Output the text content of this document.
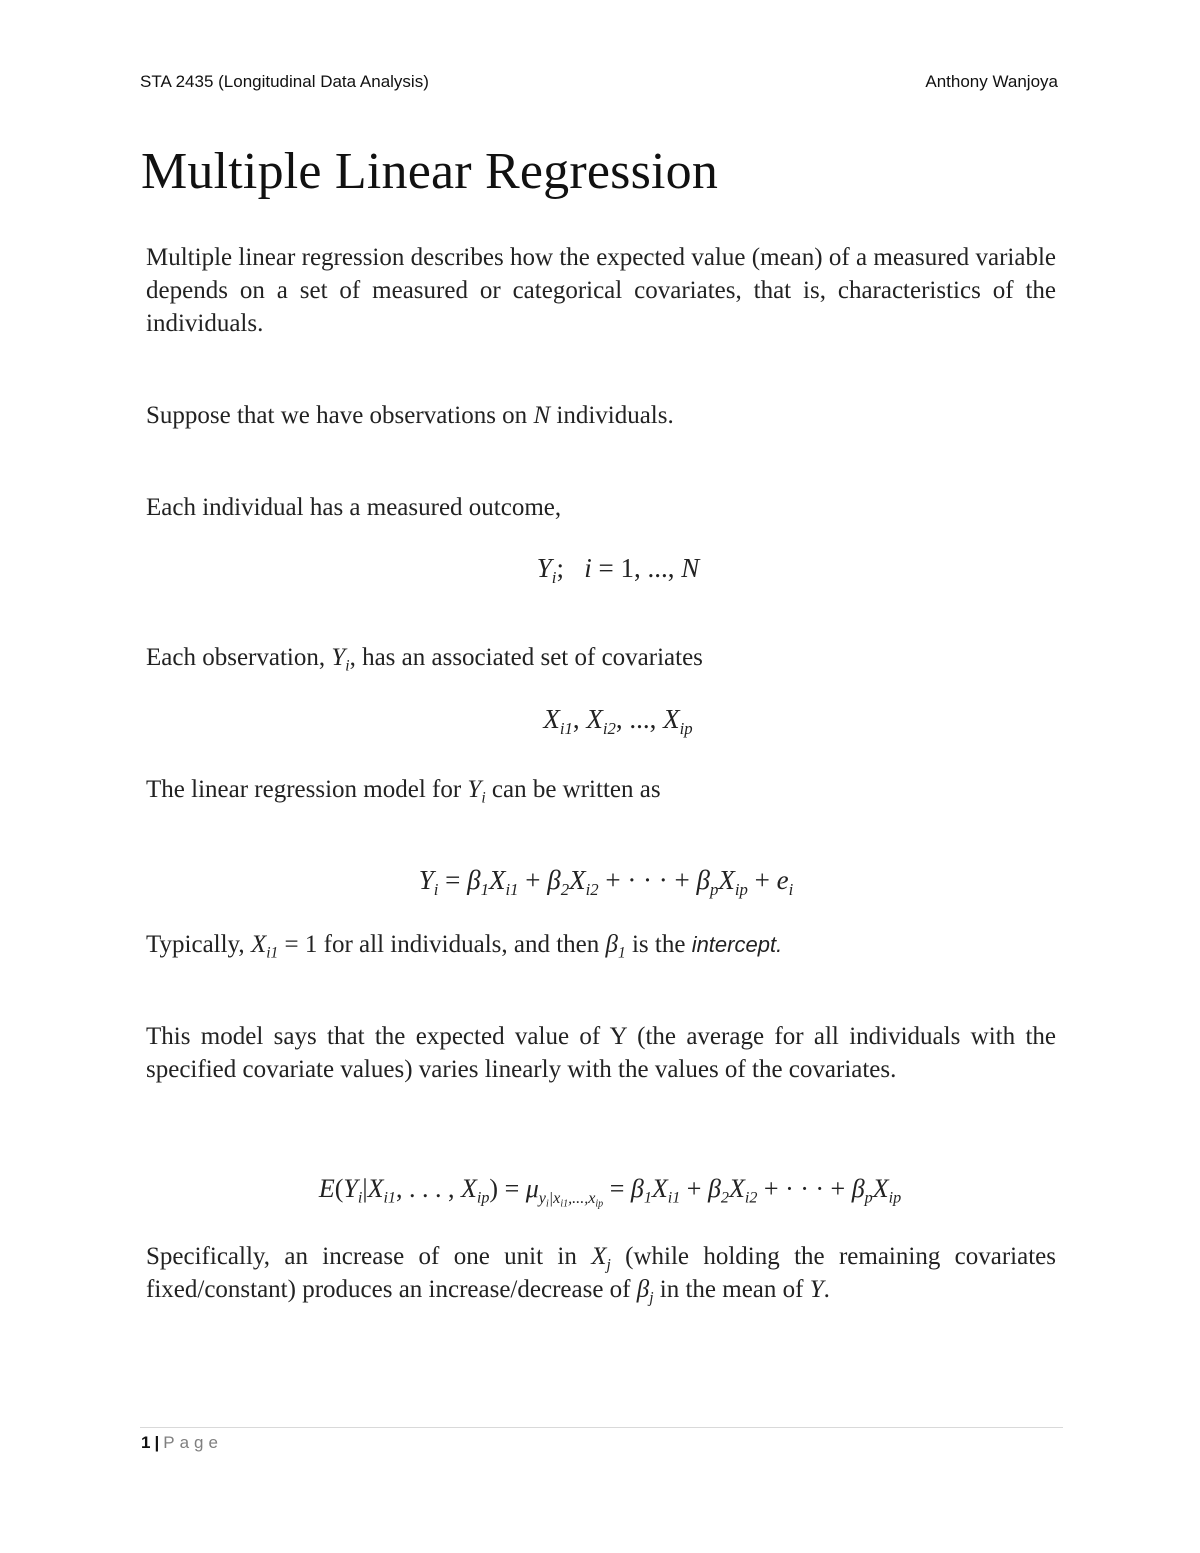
STA 2435 (Longitudinal Data Analysis)	Anthony Wanjoya
Multiple Linear Regression

Multiple linear regression describes how the expected value (mean) of a measured variable depends on a set of measured or categorical covariates, that is, characteristics of the individuals.

Suppose that we have observations on N individuals.

Each individual has a measured outcome,

$Y_i$;   i = 1, ..., N

Each observation, $Y_i$, has an associated set of covariates

$X_{i1}$, $X_{i2}$, ..., $X_{ip}$

The linear regression model for $Y_i$ can be written as

$Y_i = \beta_1X_{i1} + \beta_2X_{i2}$ + · · · + $\beta_pX_{ip} + e_i$

Typically, $X_{i1} = 1$ for all individuals, and then $\beta_1$ is the intercept.

This model says that the expected value of Y (the average for all individuals with the specified covariate values) varies linearly with the values of the covariates.

$E(Y_i|X_{i1}$, . . . , $X_{ip}) = \mu_{y_i|x_{i1},...,x_{ip}} = \beta_1X_{i1} + \beta_2X_{i2}$ + · · · + $\beta_pX_{ip}$

Specifically, an increase of one unit in $X_j$ (while holding the remaining covariates fixed/constant) produces an increase/decrease of $\beta_j$ in the mean of Y.

1 | Page
